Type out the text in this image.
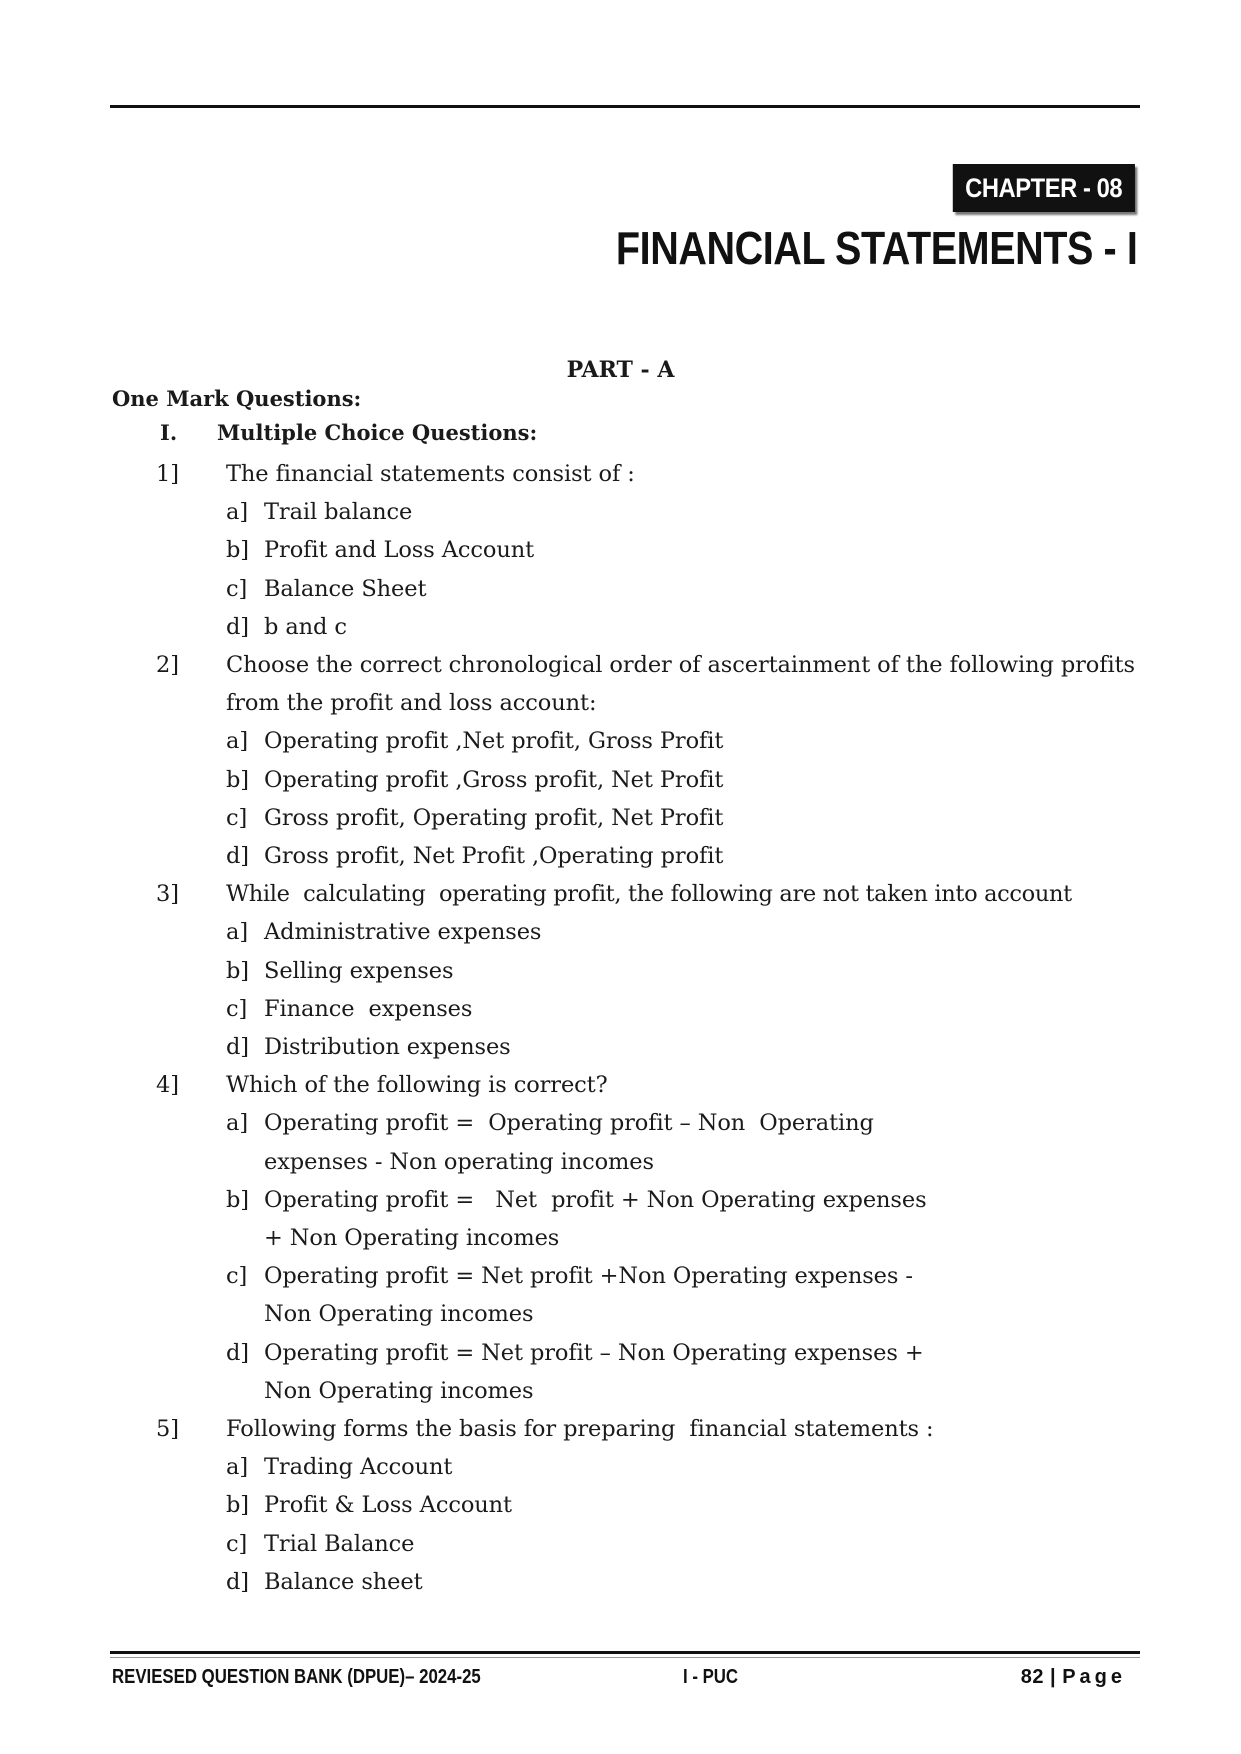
CHAPTER - 08
FINANCIAL STATEMENTS - I
PART - A
One Mark Questions:
I. Multiple Choice Questions:
1]	The financial statements consist of :
a] Trail balance
b] Profit and Loss Account
c] Balance Sheet
d] b and c
2]	Choose the correct chronological order of ascertainment of the following profits from the profit and loss account:
a] Operating profit ,Net profit, Gross Profit
b] Operating profit ,Gross profit, Net Profit
c] Gross profit, Operating profit, Net Profit
d] Gross profit, Net Profit ,Operating profit
3]	While  calculating  operating profit, the following are not taken into account
a] Administrative expenses
b] Selling expenses
c] Finance  expenses
d] Distribution expenses
4]	Which of the following is correct?
a] Operating profit =  Operating profit – Non  Operating expenses - Non operating incomes
b] Operating profit =   Net  profit + Non Operating expenses + Non Operating incomes
c] Operating profit = Net profit +Non Operating expenses - Non Operating incomes
d] Operating profit = Net profit – Non Operating expenses + Non Operating incomes
5]	Following forms the basis for preparing  financial statements :
a] Trading Account
b] Profit & Loss Account
c] Trial Balance
d] Balance sheet
REVIESED QUESTION BANK (DPUE)– 2024-25	I - PUC	82 | Page
